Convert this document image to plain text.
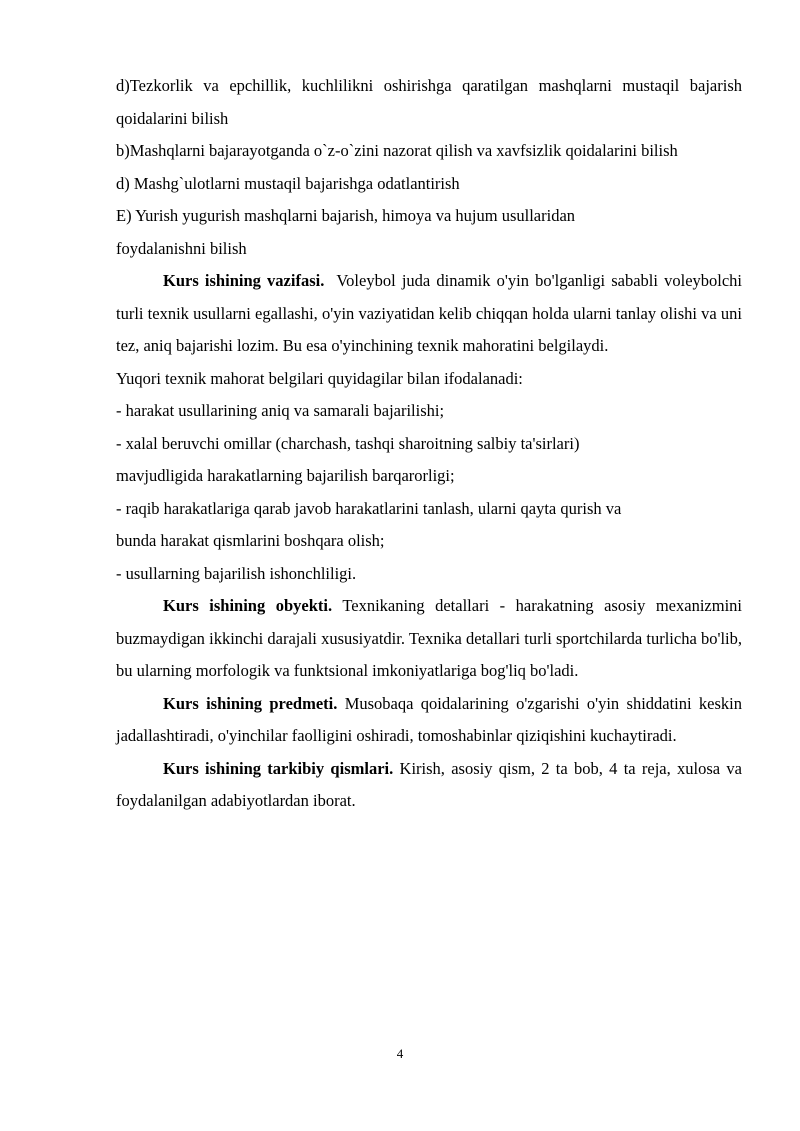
d)Tezkorlik va epchillik, kuchlilikni oshirishga qaratilgan mashqlarni mustaqil bajarish qoidalarini bilish

b)Mashqlarni bajarayotganda o`z-o`zini nazorat qilish va xavfsizlik qoidalarini bilish

d) Mashg`ulotlarni mustaqil bajarishga odatlantirish

E) Yurish yugurish mashqlarni bajarish, himoya va hujum usullaridan

foydalanishni bilish

Kurs ishining vazifasi. Voleybol juda dinamik o'yin bo'lganligi sababli voleybolchi turli texnik usullarni egallashi, o'yin vaziyatidan kelib chiqqan holda ularni tanlay olishi va uni tez, aniq bajarishi lozim. Bu esa o'yinchining texnik mahoratini belgilaydi.

Yuqori texnik mahorat belgilari quyidagilar bilan ifodalanadi:

- harakat usullarining aniq va samarali bajarilishi;

- xalal beruvchi omillar (charchash, tashqi sharoitning salbiy ta'sirlari)

mavjudligida harakatlarning bajarilish barqarorligi;

- raqib harakatlariga qarab javob harakatlarini tanlash, ularni qayta qurish va

bunda harakat qismlarini boshqara olish;

- usullarning bajarilish ishonchliligi.

Kurs ishining obyekti. Texnikaning detallari - harakatning asosiy mexanizmini buzmaydigan ikkinchi darajali xususiyatdir. Texnika detallari turli sportchilarda turlicha bo'lib, bu ularning morfologik va funktsional imkoniyatlariga bog'liq bo'ladi.

Kurs ishining predmeti. Musobaqa qoidalarining o'zgarishi o'yin shiddatini keskin jadallashtiradi, o'yinchilar faolligini oshiradi, tomoshabinlar qiziqishini kuchaytiradi.

Kurs ishining tarkibiy qismlari. Kirish, asosiy qism, 2 ta bob, 4 ta reja, xulosa va foydalanilgan adabiyotlardan iborat.

4
